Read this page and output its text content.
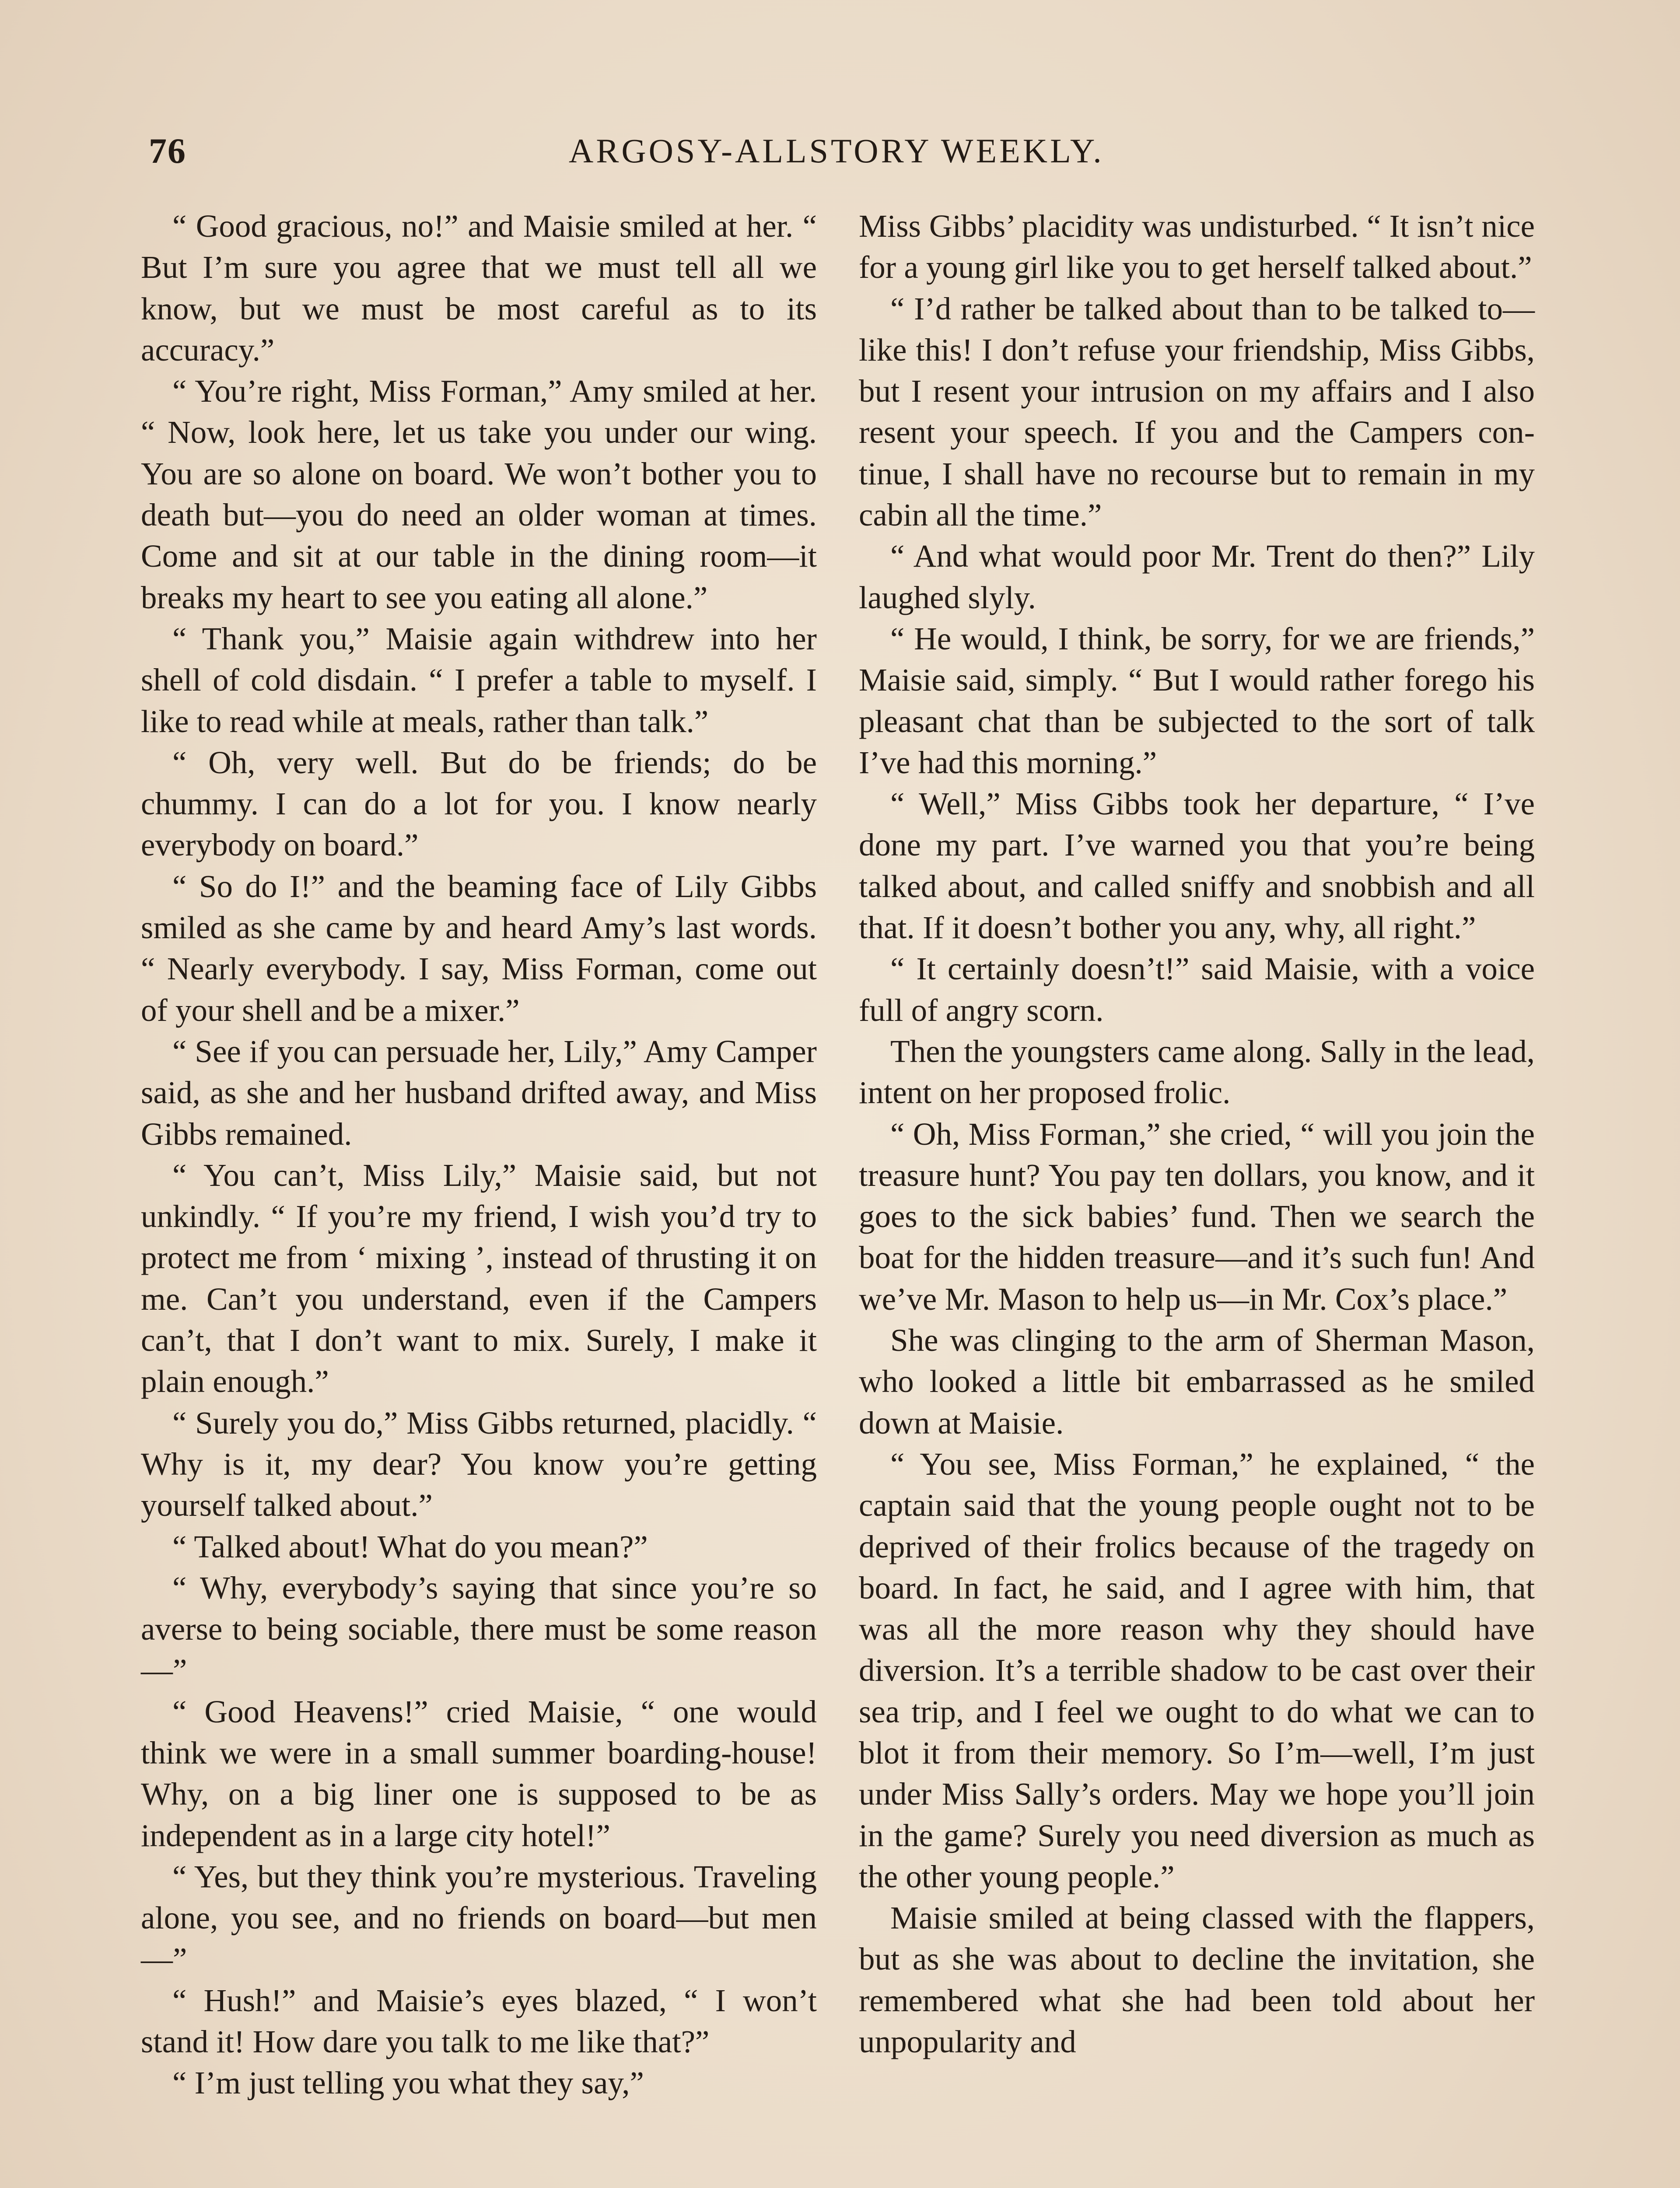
76	ARGOSY-ALLSTORY WEEKLY.

“ Good gracious, no!” and Maisie smiled at her. “ But I’m sure you agree that we must tell all we know, but we must be most careful as to its accuracy.”

“ You’re right, Miss Forman,” Amy smiled at her. “ Now, look here, let us take you under our wing. You are so alone on board. We won’t bother you to death but—you do need an older woman at times. Come and sit at our table in the dining room—it breaks my heart to see you eating all alone.”

“ Thank you,” Maisie again withdrew into her shell of cold disdain. “ I prefer a table to myself. I like to read while at meals, rather than talk.”

“ Oh, very well. But do be friends; do be chummy. I can do a lot for you. I know nearly everybody on board.”

“ So do I!” and the beaming face of Lily Gibbs smiled as she came by and heard Amy’s last words. “ Nearly everybody. I say, Miss Forman, come out of your shell and be a mixer.”

“ See if you can persuade her, Lily,” Amy Camper said, as she and her husband drifted away, and Miss Gibbs remained.

“ You can’t, Miss Lily,” Maisie said, but not unkindly. “ If you’re my friend, I wish you’d try to protect me from ‘ mixing ’, instead of thrusting it on me. Can’t you understand, even if the Campers can’t, that I don’t want to mix. Surely, I make it plain enough.”

“ Surely you do,” Miss Gibbs returned, placidly. “ Why is it, my dear? You know you’re getting yourself talked about.”

“ Talked about! What do you mean?”

“ Why, everybody’s saying that since you’re so averse to being sociable, there must be some reason—”

“ Good Heavens!” cried Maisie, “ one would think we were in a small summer boarding-house! Why, on a big liner one is supposed to be as independent as in a large city hotel!”

“ Yes, but they think you’re mysterious. Traveling alone, you see, and no friends on board—but men—”

“ Hush!” and Maisie’s eyes blazed, “ I won’t stand it! How dare you talk to me like that?”

“ I’m just telling you what they say,”

Miss Gibbs’ placidity was undisturbed. “ It isn’t nice for a young girl like you to get herself talked about.”

“ I’d rather be talked about than to be talked to—like this! I don’t refuse your friendship, Miss Gibbs, but I resent your intrusion on my affairs and I also resent your speech. If you and the Campers continue, I shall have no recourse but to remain in my cabin all the time.”

“ And what would poor Mr. Trent do then?” Lily laughed slyly.

“ He would, I think, be sorry, for we are friends,” Maisie said, simply. “ But I would rather forego his pleasant chat than be subjected to the sort of talk I’ve had this morning.”

“ Well,” Miss Gibbs took her departure, “ I’ve done my part. I’ve warned you that you’re being talked about, and called sniffy and snobbish and all that. If it doesn’t bother you any, why, all right.”

“ It certainly doesn’t!” said Maisie, with a voice full of angry scorn.

Then the youngsters came along. Sally in the lead, intent on her proposed frolic.

“ Oh, Miss Forman,” she cried, “ will you join the treasure hunt? You pay ten dollars, you know, and it goes to the sick babies’ fund. Then we search the boat for the hidden treasure—and it’s such fun! And we’ve Mr. Mason to help us—in Mr. Cox’s place.”

She was clinging to the arm of Sherman Mason, who looked a little bit embarrassed as he smiled down at Maisie.

“ You see, Miss Forman,” he explained, “ the captain said that the young people ought not to be deprived of their frolics because of the tragedy on board. In fact, he said, and I agree with him, that was all the more reason why they should have diversion. It’s a terrible shadow to be cast over their sea trip, and I feel we ought to do what we can to blot it from their memory. So I’m—well, I’m just under Miss Sally’s orders. May we hope you’ll join in the game? Surely you need diversion as much as the other young people.”

Maisie smiled at being classed with the flappers, but as she was about to decline the invitation, she remembered what she had been told about her unpopularity and
